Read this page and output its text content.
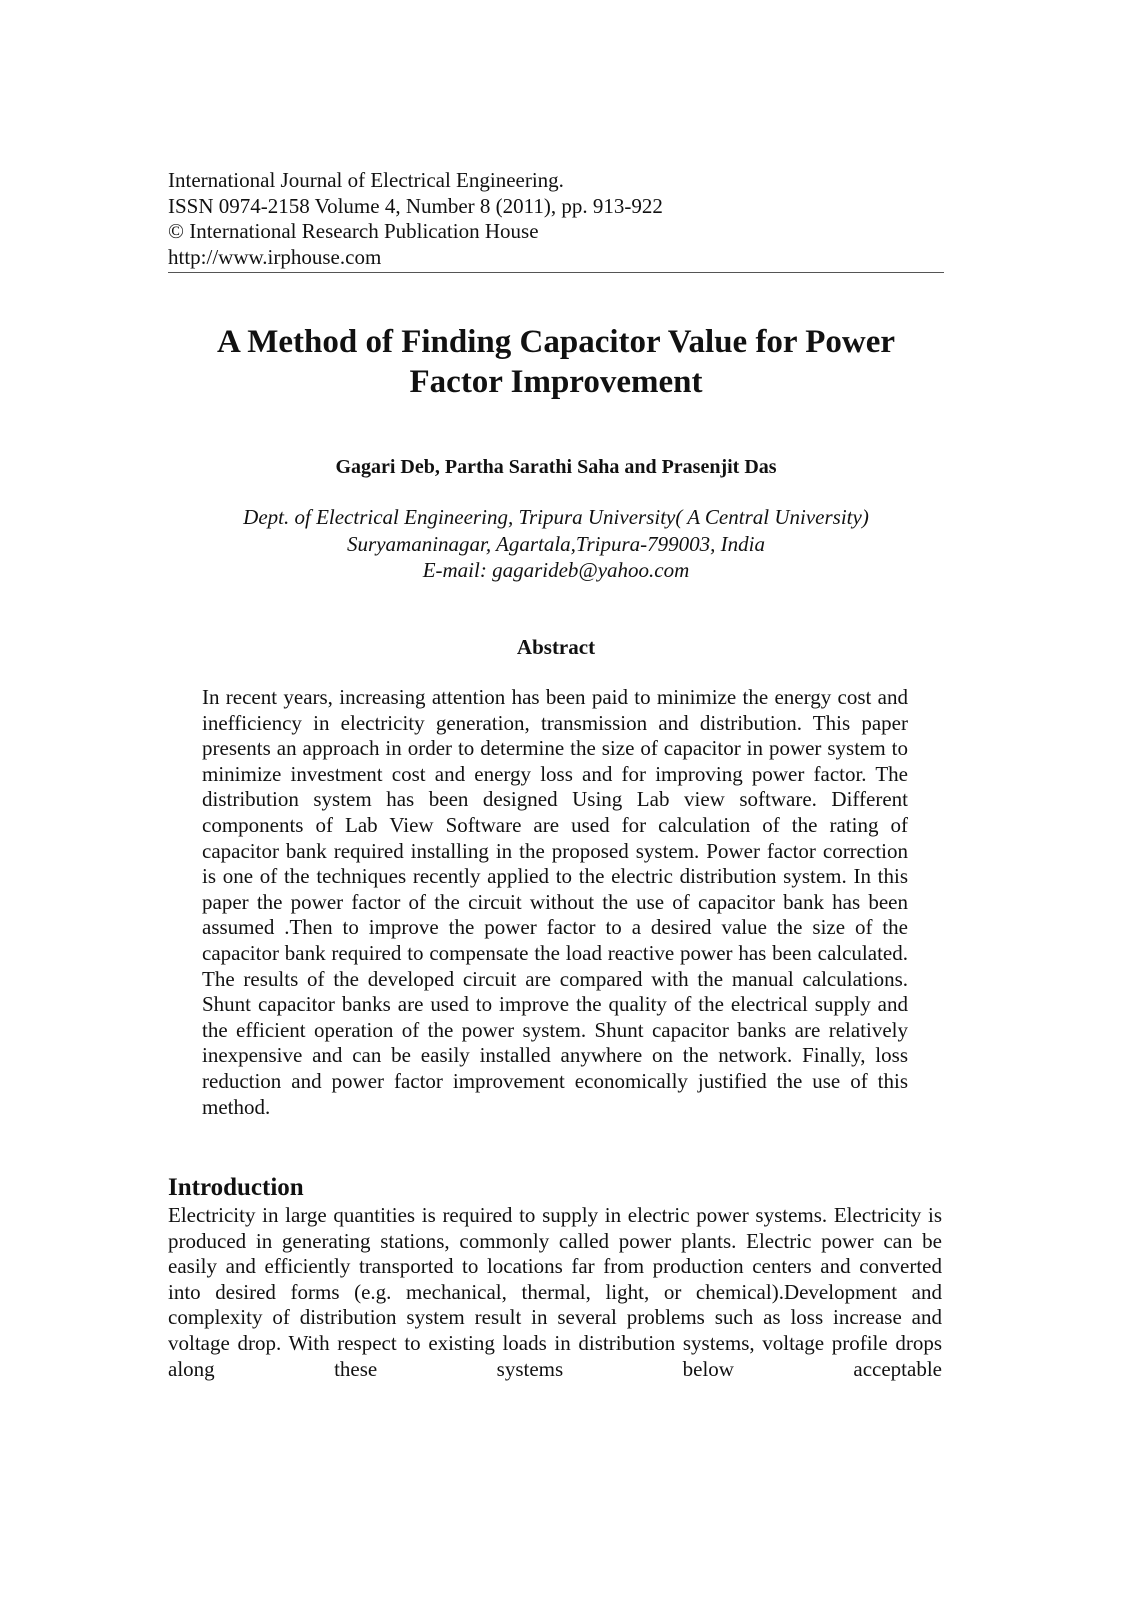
International Journal of Electrical Engineering.
ISSN 0974-2158 Volume 4, Number 8 (2011), pp. 913-922
© International Research Publication House
http://www.irphouse.com
A Method of Finding Capacitor Value for Power
Factor Improvement
Gagari Deb, Partha Sarathi Saha and Prasenjit Das
Dept. of Electrical Engineering, Tripura University( A Central University)
Suryamaninagar, Agartala,Tripura-799003, India
E-mail: gagarideb@yahoo.com
Abstract

In recent years, increasing attention has been paid to minimize the energy cost and inefficiency in electricity generation, transmission and distribution. This paper presents an approach in order to determine the size of capacitor in power system to minimize investment cost and energy loss and for improving power factor. The distribution system has been designed Using Lab view software. Different components of Lab View Software are used for calculation of the rating of capacitor bank required installing in the proposed system. Power factor correction is one of the techniques recently applied to the electric distribution system. In this paper the power factor of the circuit without the use of capacitor bank has been assumed .Then to improve the power factor to a desired value the size of the capacitor bank required to compensate the load reactive power has been calculated. The results of the developed circuit are compared with the manual calculations. Shunt capacitor banks are used to improve the quality of the electrical supply and the efficient operation of the power system. Shunt capacitor banks are relatively inexpensive and can be easily installed anywhere on the network. Finally, loss reduction and power factor improvement economically justified the use of this method.

Introduction

Electricity in large quantities is required to supply in electric power systems. Electricity is produced in generating stations, commonly called power plants. Electric power can be easily and efficiently transported to locations far from production centers and converted into desired forms (e.g. mechanical, thermal, light, or chemical).Development and complexity of distribution system result in several problems such as loss increase and voltage drop. With respect to existing loads in distribution systems, voltage profile drops along these systems below acceptable
